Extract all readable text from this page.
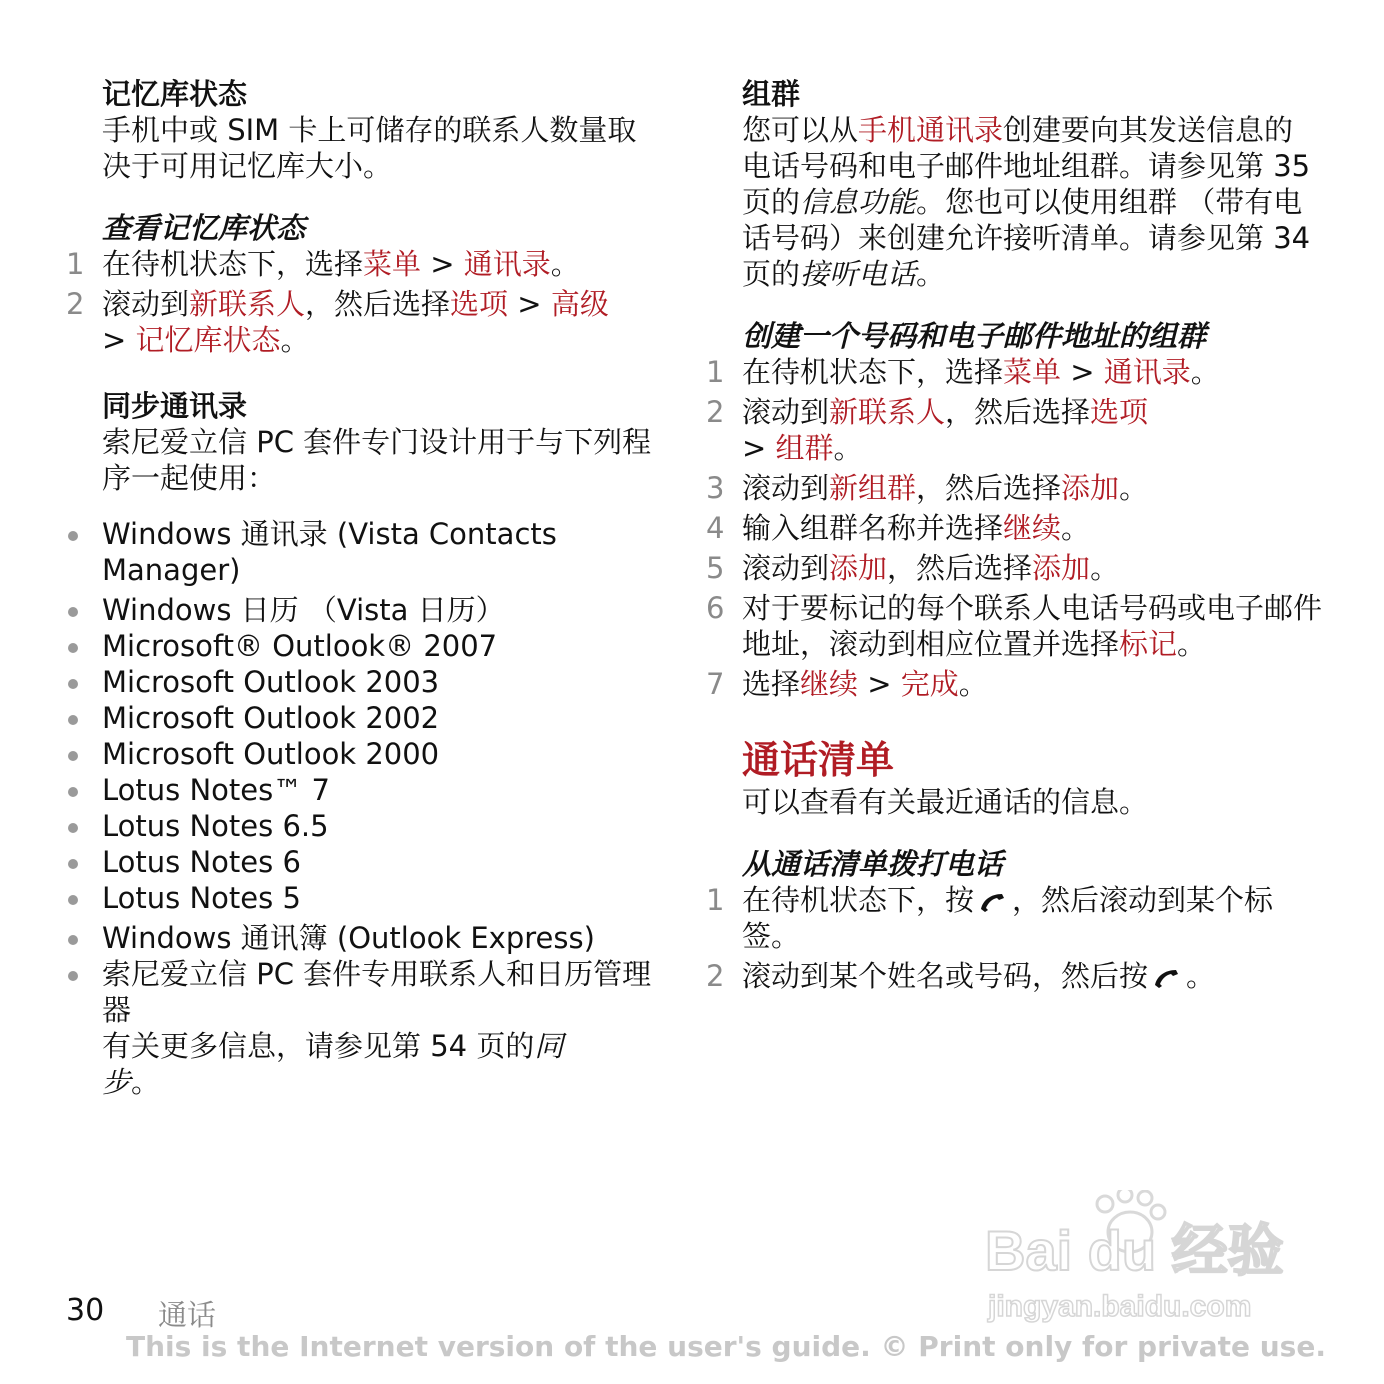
记忆库状态

手机中或 SIM 卡上可储存的联系人数量取决于可用记忆库大小。

查看记忆库状态
1 在待机状态下，选择菜单 > 通讯录。
2 滚动到新联系人，然后选择选项 > 高级
> 记忆库状态。
同步通讯录

索尼爱立信 PC 套件专门设计用于与下列程序一起使用：

Windows 通讯录 (Vista Contacts Manager)
Windows 日历 （Vista 日历）
Microsoft® Outlook® 2007
Microsoft Outlook 2003
Microsoft Outlook 2002
Microsoft Outlook 2000
Lotus Notes™ 7
Lotus Notes 6.5
Lotus Notes 6
Lotus Notes 5
Windows 通讯簿 (Outlook Express)
索尼爱立信 PC 套件专用联系人和日历管理器

有关更多信息，请参见第 54 页的同步。

组群

您可以从手机通讯录创建要向其发送信息的电话号码和电子邮件地址组群。请参见第 35 页的信息功能。您也可以使用组群 （带有电话号码）来创建允许接听清单。请参见第 34 页的接听电话。

创建一个号码和电子邮件地址的组群
1 在待机状态下，选择菜单 > 通讯录。
2 滚动到新联系人，然后选择选项
> 组群。
3 滚动到新组群，然后选择添加。
4 输入组群名称并选择继续。
5 滚动到添加，然后选择添加。
6 对于要标记的每个联系人电话号码或电子邮件地址，滚动到相应位置并选择标记。
7 选择继续 > 完成。
通话清单

可以查看有关最近通话的信息。

从通话清单拨打电话
1 在待机状态下，按 ，然后滚动到某个标签。
2 滚动到某个姓名或号码，然后按 。
Bai du 经验
jingyan.baidu.com
30 通话
This is the Internet version of the user's guide. © Print only for private use.
